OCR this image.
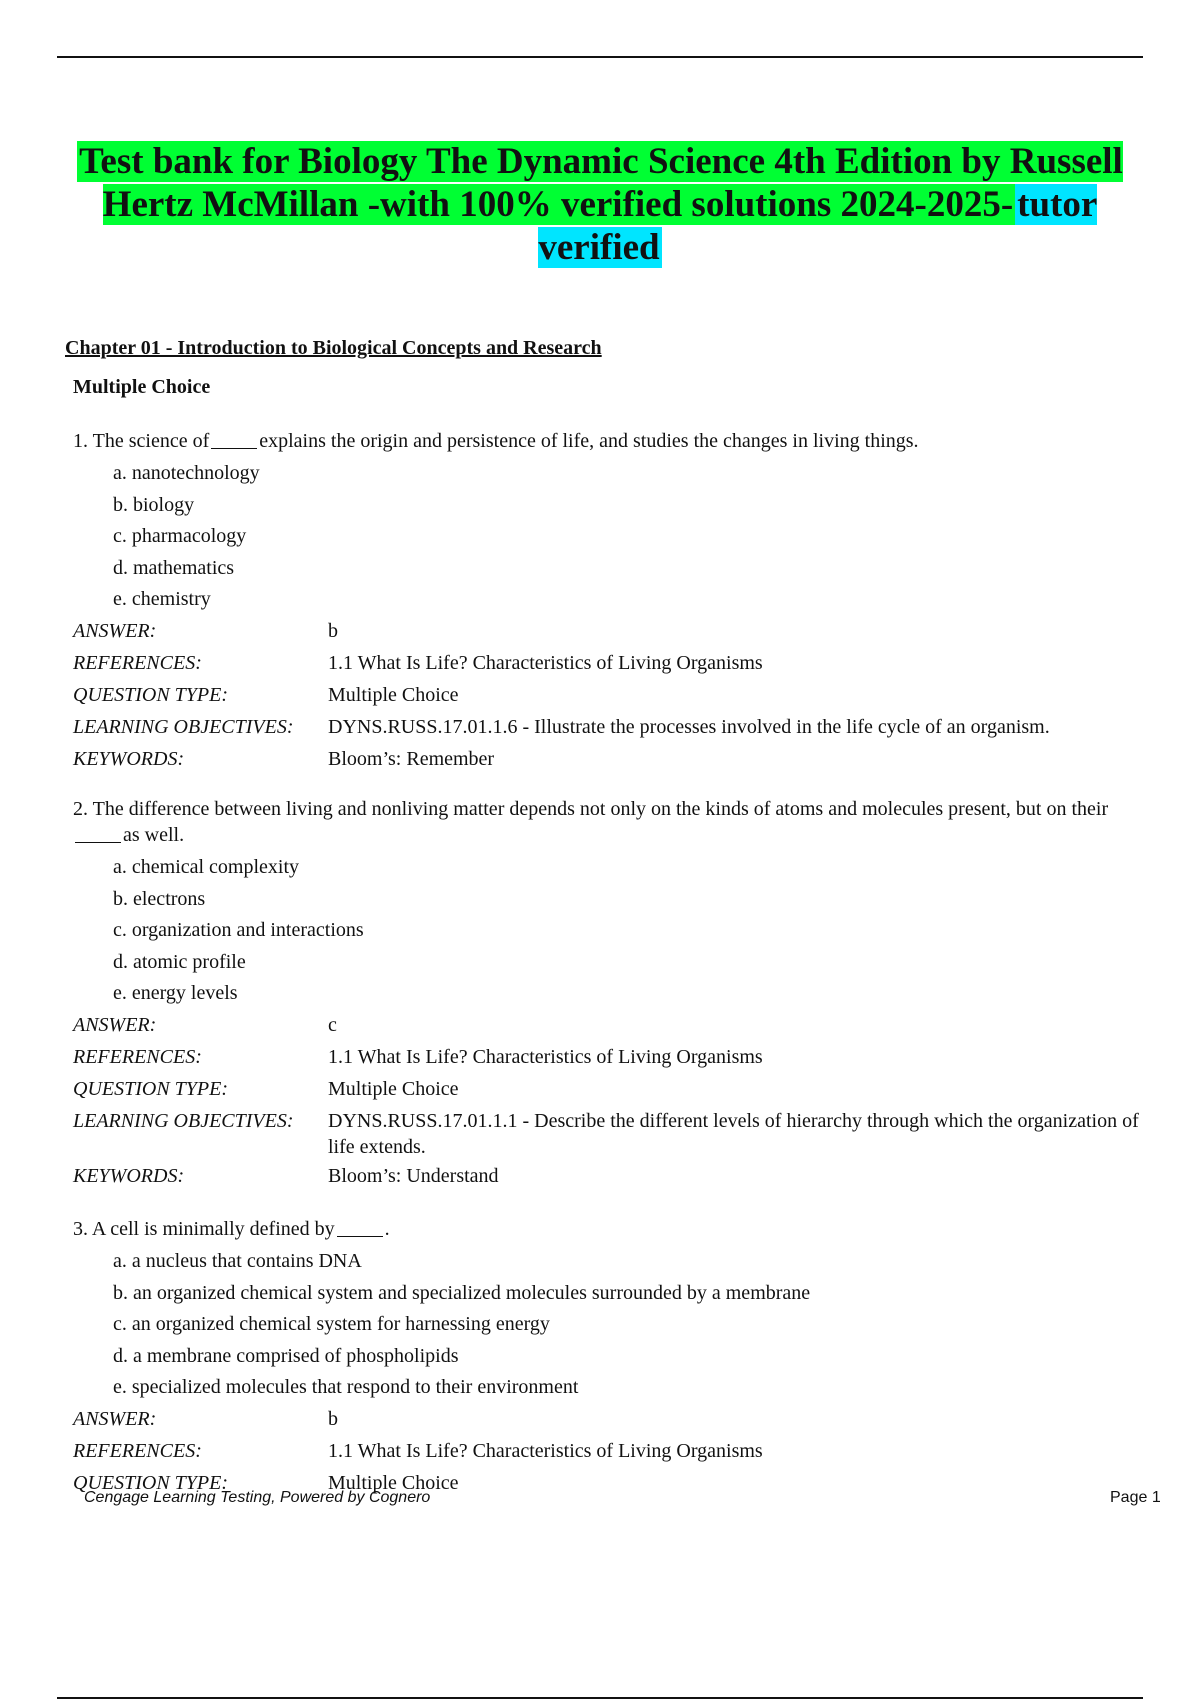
Test bank for Biology The Dynamic Science 4th Edition by Russell Hertz McMillan -with 100% verified solutions 2024-2025- tutor verified
Chapter 01 - Introduction to Biological Concepts and Research
Multiple Choice
1. The science of	explains the origin and persistence of life, and studies the changes in living things.
a. nanotechnology
b. biology
c. pharmacology
d. mathematics
e. chemistry
ANSWER:	b
REFERENCES:	1.1 What Is Life? Characteristics of Living Organisms
QUESTION TYPE:	Multiple Choice
LEARNING OBJECTIVES:	DYNS.RUSS.17.01.1.6 - Illustrate the processes involved in the life cycle of an organism.
KEYWORDS:	Bloom’s: Remember
2. The difference between living and nonliving matter depends not only on the kinds of atoms and molecules present, but on theiras well.
a. chemical complexity
b. electrons
c. organization and interactions
d. atomic profile
e. energy levels
ANSWER:	c
REFERENCES:	1.1 What Is Life? Characteristics of Living Organisms
QUESTION TYPE:	Multiple Choice
LEARNING OBJECTIVES:	DYNS.RUSS.17.01.1.1 - Describe the different levels of hierarchy through which the organization of life extends.
KEYWORDS:	Bloom’s: Understand
3. A cell is minimally defined by	.
a. a nucleus that contains DNA
b. an organized chemical system and specialized molecules surrounded by a membrane
c. an organized chemical system for harnessing energy
d. a membrane comprised of phospholipids
e. specialized molecules that respond to their environment
ANSWER:	b
REFERENCES:	1.1 What Is Life? Characteristics of Living Organisms
QUESTION TYPE:	Multiple Choice
Cengage Learning Testing, Powered by Cognero	Page 1
